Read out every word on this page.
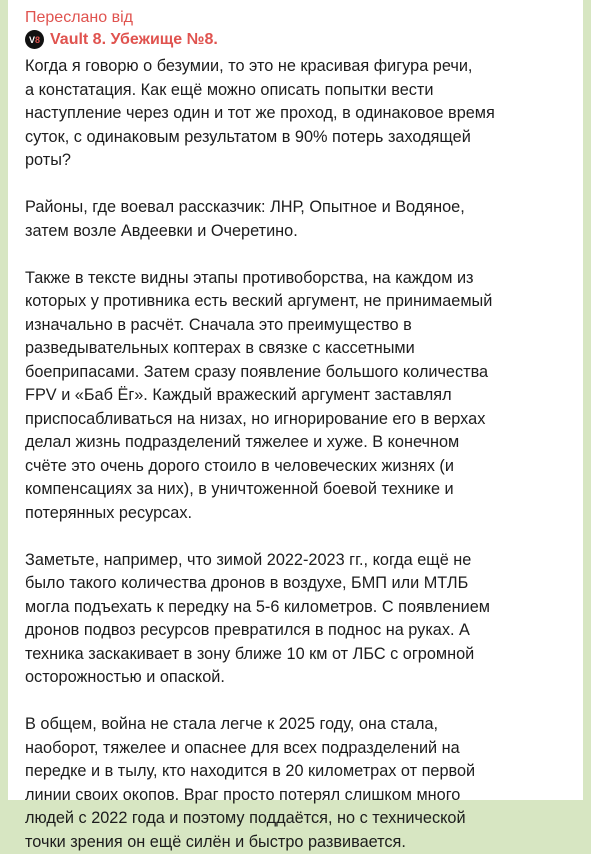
Переслано від

V 8 Vault 8. Убежище №8.

Когда я говорю о безумии, то это не красивая фигура речи,
а констатация. Как ещё можно описать попытки вести
наступление через один и тот же проход, в одинаковое время
суток, с одинаковым результатом в 90% потерь заходящей
роты?

Районы, где воевал рассказчик: ЛНР, Опытное и Водяное,
затем возле Авдеевки и Очеретино.

Также в тексте видны этапы противоборства, на каждом из
которых у противника есть веский аргумент, не принимаемый
изначально в расчёт. Сначала это преимущество в
разведывательных коптерах в связке с кассетными
боеприпасами. Затем сразу появление большого количества
FPV и «Баб Ёг». Каждый вражеский аргумент заставлял
приспосабливаться на низах, но игнорирование его в верхах
делал жизнь подразделений тяжелее и хуже. В конечном
счёте это очень дорого стоило в человеческих жизнях (и
компенсациях за них), в уничтоженной боевой технике и
потерянных ресурсах.

Заметьте, например, что зимой 2022-2023 гг., когда ещё не
было такого количества дронов в воздухе, БМП или МТЛБ
могла подъехать к передку на 5-6 километров. С появлением
дронов подвоз ресурсов превратился в поднос на руках. А
техника заскакивает в зону ближе 10 км от ЛБС с огромной
осторожностью и опаской.

В общем, война не стала легче к 2025 году, она стала,
наоборот, тяжелее и опаснее для всех подразделений на
передке и в тылу, кто находится в 20 километрах от первой
линии своих окопов. Враг просто потерял слишком много
людей с 2022 года и поэтому поддаётся, но с технической
точки зрения он ещё силён и быстро развивается.
